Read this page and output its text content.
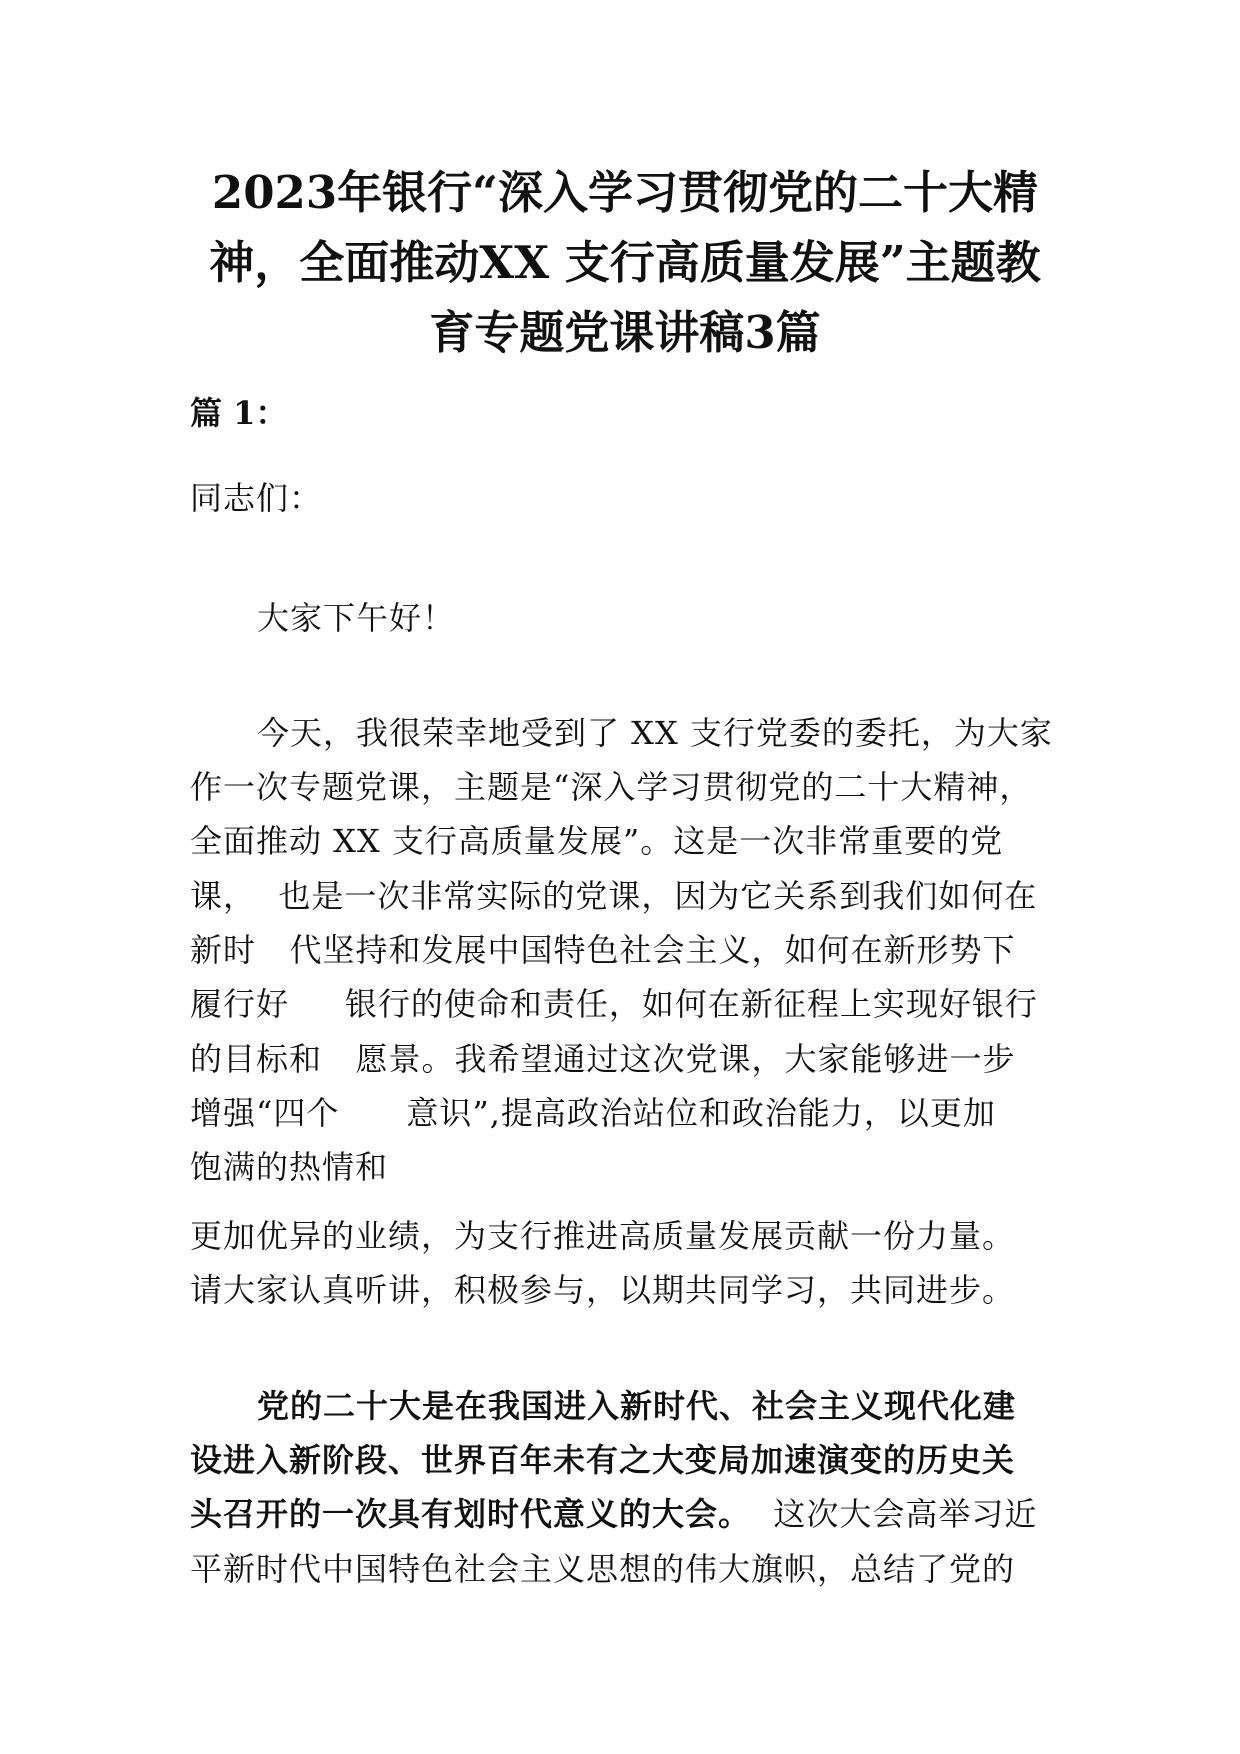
2023年银行“深入学习贯彻党的二十大精
神，全面推动XX 支行高质量发展”主题教
育专题党课讲稿3篇
篇 1：
同志们：
大家下午好！
今天，我很荣幸地受到了 XX 支行党委的委托，为大家
作一次专题党课，主题是“深入学习贯彻党的二十大精神，
全面推动 XX 支行高质量发展”。这是一次非常重要的党
课，  也是一次非常实际的党课，因为它关系到我们如何在
新时   代坚持和发展中国特色社会主义，如何在新形势下
履行好     银行的使命和责任，如何在新征程上实现好银行
的目标和   愿景。我希望通过这次党课，大家能够进一步
增强“四个      意识”,提高政治站位和政治能力，以更加
饱满的热情和
更加优异的业绩，为支行推进高质量发展贡献一份力量。
请大家认真听讲，积极参与，以期共同学习，共同进步。
党的二十大是在我国进入新时代、社会主义现代化建
设进入新阶段、世界百年未有之大变局加速演变的历史关
头召开的一次具有划时代意义的大会。  这次大会高举习近
平新时代中国特色社会主义思想的伟大旗帜，总结了党的
